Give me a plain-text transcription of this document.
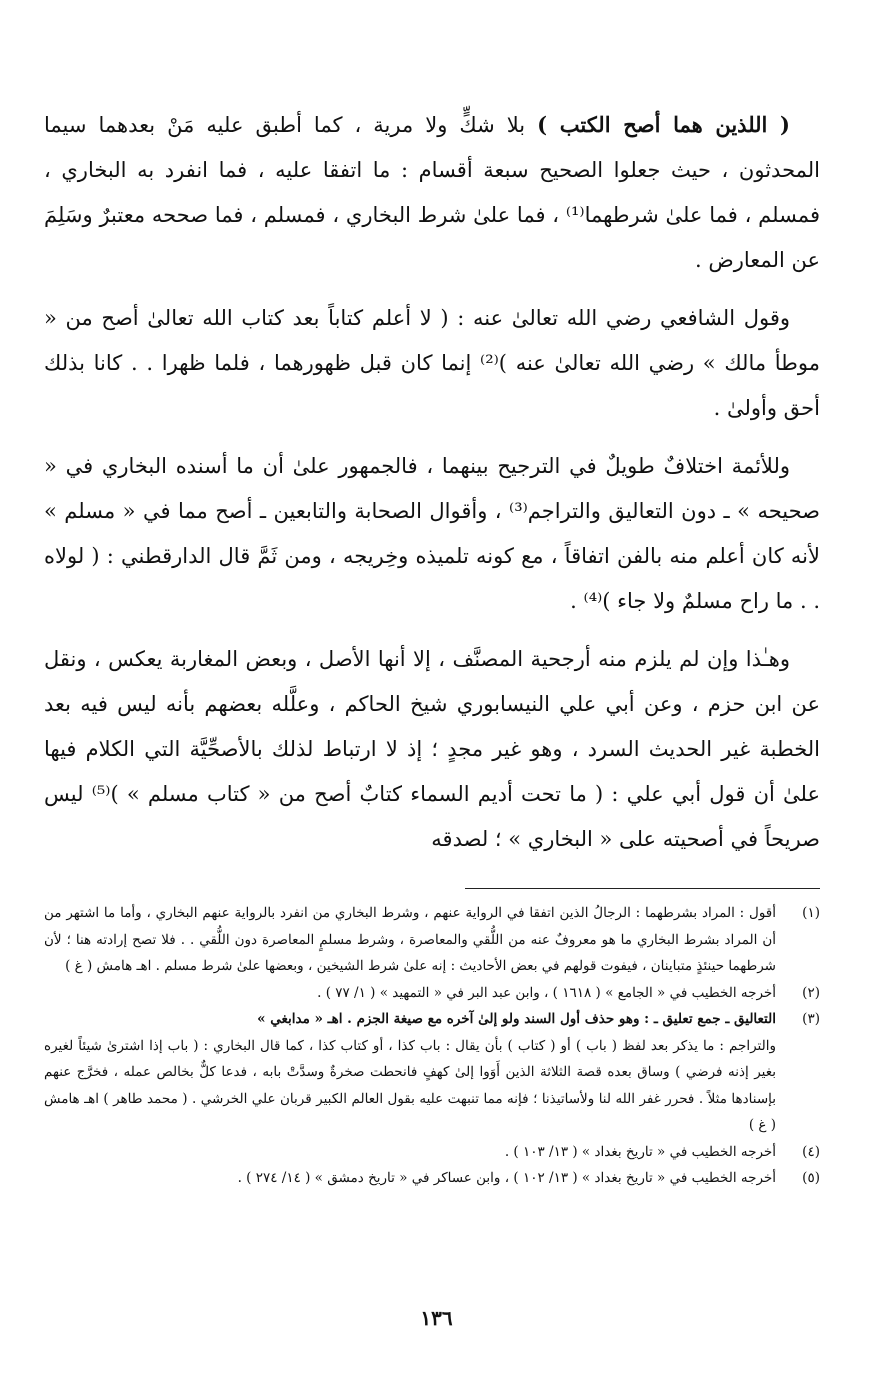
( اللذين هما أصح الكتب ) بلا شكٍّ ولا مرية ، كما أطبق عليه مَنْ بعدهما سيما المحدثون ، حيث جعلوا الصحيح سبعة أقسام : ما اتفقا عليه ، فما انفرد به البخاري ، فمسلم ، فما علىٰ شرطهما⁽¹⁾ ، فما علىٰ شرط البخاري ، فمسلم ، فما صححه معتبرٌ وسَلِمَ عن المعارض .

وقول الشافعي رضي الله تعالىٰ عنه : ( لا أعلم كتاباً بعد كتاب الله تعالىٰ أصح من « موطأ مالك » رضي الله تعالىٰ عنه )⁽²⁾ إنما كان قبل ظهورهما ، فلما ظهرا . . كانا بذلك أحق وأولىٰ .

وللأئمة اختلافٌ طويلٌ في الترجيح بينهما ، فالجمهور علىٰ أن ما أسنده البخاري في « صحيحه » ـ دون التعاليق والتراجم⁽³⁾ ، وأقوال الصحابة والتابعين ـ أصح مما في « مسلم » لأنه كان أعلم منه بالفن اتفاقاً ، مع كونه تلميذه وخِريجه ، ومن ثَمَّ قال الدارقطني : ( لولاه . . ما راح مسلمٌ ولا جاء )⁽⁴⁾ .

وهـٰذا وإن لم يلزم منه أرجحية المصنَّف ، إلا أنها الأصل ، وبعض المغاربة يعكس ، ونقل عن ابن حزم ، وعن أبي علي النيسابوري شيخ الحاكم ، وعلَّله بعضهم بأنه ليس فيه بعد الخطبة غير الحديث السرد ، وهو غير مجدٍ ؛ إذ لا ارتباط لذلك بالأصحِّيَّة التي الكلام فيها علىٰ أن قول أبي علي : ( ما تحت أديم السماء كتابٌ أصح من « كتاب مسلم » )⁽⁵⁾ ليس صريحاً في أصحيته على « البخاري » ؛ لصدقه

(١)
أقول : المراد بشرطهما : الرجالُ الذين اتفقا في الرواية عنهم ، وشرط البخاري من انفرد بالرواية عنهم البخاري ، وأما ما اشتهر من أن المراد بشرط البخاري ما هو معروفٌ عنه من اللُّقي والمعاصرة ، وشرط مسلمٍ المعاصرة دون اللُّقي . . فلا تصح إرادته هنا ؛ لأن شرطهما حينئذٍ متباينان ، فيفوت قولهم في بعض الأحاديث : إنه علىٰ شرط الشيخين ، وبعضها علىٰ شرط مسلم . اهـ هامش ( غ )
(٢)
أخرجه الخطيب في « الجامع » ( ١٦١٨ ) ، وابن عبد البر في « التمهيد » ( ١/ ٧٧ ) .
(٣)
التعاليق ـ جمع تعليق ـ : وهو حذف أول السند ولو إلىٰ آخره مع صيغة الجزم . اهـ « مدابغي »
والتراجم : ما يذكر بعد لفظ ( باب ) أو ( كتاب ) بأن يقال : باب كذا ، أو كتاب كذا ، كما قال البخاري : ( باب إذا اشترىٰ شيئاً لغيره بغير إذنه فرضي ) وساق بعده قصة الثلاثة الذين أَوَوا إلىٰ كهفٍ فانحطت صخرةٌ وسدَّتْ بابه ، فدعا كلٌّ بخالص عمله ، فخرَّج عنهم بإسنادها مثلاً . فحرر غفر الله لنا ولأساتيذنا ؛ فإنه مما تنبهت عليه بقول العالم الكبير قربان علي الخرشي . ( محمد طاهر ) اهـ هامش ( غ )
(٤)
أخرجه الخطيب في « تاريخ بغداد » ( ١٣/ ١٠٣ ) .
(٥)
أخرجه الخطيب في « تاريخ بغداد » ( ١٣/ ١٠٢ ) ، وابن عساكر في « تاريخ دمشق » ( ١٤/ ٢٧٤ ) .
١٣٦
